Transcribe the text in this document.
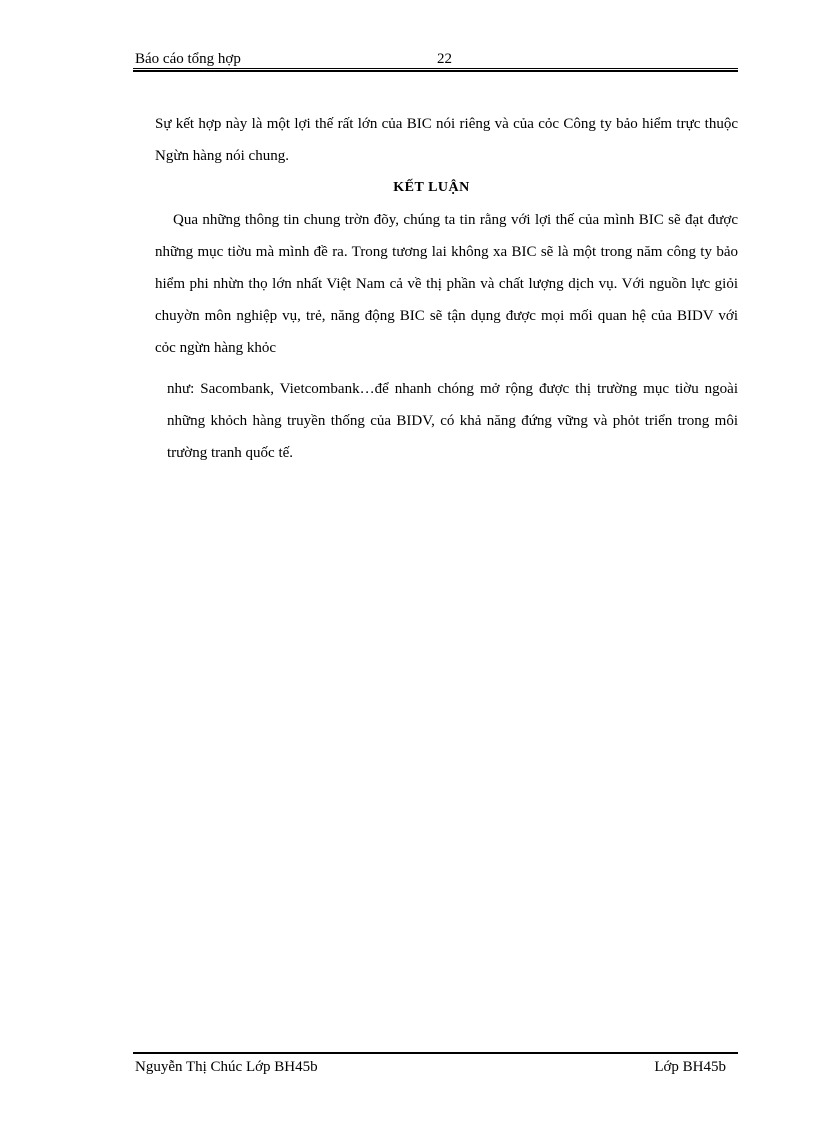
Báo cáo tổng hợp	22

Sự kết hợp này là một lợi thế rất lớn của BIC nói riêng và của cỏc Công ty bảo hiểm trực thuộc Ngừn hàng nói chung.

KẾT LUẬN

Qua những thông tin chung trờn đõy, chúng ta tin rằng với lợi thế của mình BIC sẽ đạt được những mục tiờu mà mình đề ra. Trong tương lai không xa BIC sẽ là một trong năm công ty bảo hiểm phi nhừn thọ lớn nhất Việt Nam cả về thị phần và chất lượng dịch vụ. Với nguồn lực giỏi chuyờn môn nghiệp vụ, trẻ, năng động BIC sẽ tận dụng được mọi mối quan hệ của BIDV với cỏc ngừn hàng khỏc

như: Sacombank, Vietcombank…để nhanh chóng mở rộng được thị trường mục tiờu ngoài những khỏch hàng truyền thống của BIDV, có khả năng đứng vững và phỏt triển trong môi trường tranh quốc tế.

Nguyễn Thị Chúc Lớp BH45b	Lớp BH45b
